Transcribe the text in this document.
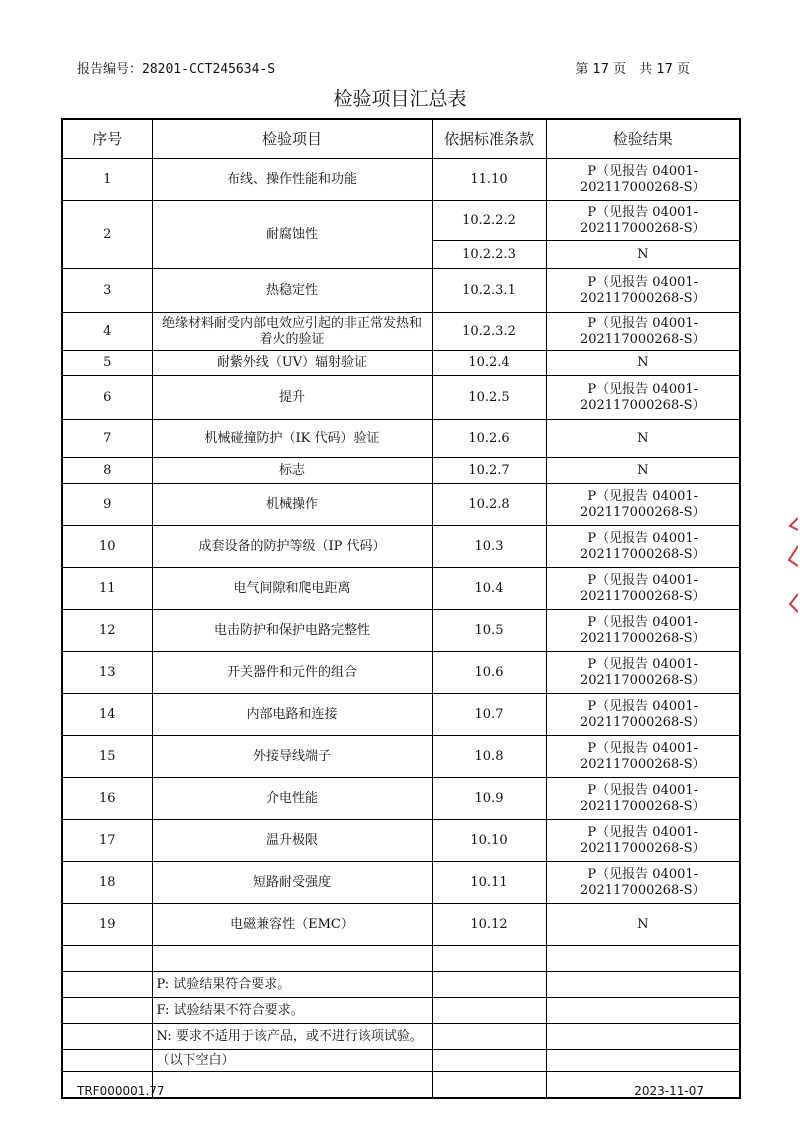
报告编号：28201-CCT245634-S	第 17 页　共 17 页
检验项目汇总表
序号	检验项目	依据标准条款	检验结果
1	布线、操作性能和功能	11.10	P（见报告 04001-202117000268-S）
2	耐腐蚀性	10.2.2.2	P（见报告 04001-202117000268-S）
		10.2.2.3	N
3	热稳定性	10.2.3.1	P（见报告 04001-202117000268-S）
4	绝缘材料耐受内部电效应引起的非正常发热和着火的验证	10.2.3.2	P（见报告 04001-202117000268-S）
5	耐紫外线（UV）辐射验证	10.2.4	N
6	提升	10.2.5	P（见报告 04001-202117000268-S）
7	机械碰撞防护（IK 代码）验证	10.2.6	N
8	标志	10.2.7	N
9	机械操作	10.2.8	P（见报告 04001-202117000268-S）
10	成套设备的防护等级（IP 代码）	10.3	P（见报告 04001-202117000268-S）
11	电气间隙和爬电距离	10.4	P（见报告 04001-202117000268-S）
12	电击防护和保护电路完整性	10.5	P（见报告 04001-202117000268-S）
13	开关器件和元件的组合	10.6	P（见报告 04001-202117000268-S）
14	内部电路和连接	10.7	P（见报告 04001-202117000268-S）
15	外接导线端子	10.8	P（见报告 04001-202117000268-S）
16	介电性能	10.9	P（见报告 04001-202117000268-S）
17	温升极限	10.10	P（见报告 04001-202117000268-S）
18	短路耐受强度	10.11	P（见报告 04001-202117000268-S）
19	电磁兼容性（EMC）	10.12	N

	P: 试验结果符合要求。		
	F: 试验结果不符合要求。		
	N: 要求不适用于该产品，或不进行该项试验。		
	（以下空白）		

TRF000001.77	2023-11-07
